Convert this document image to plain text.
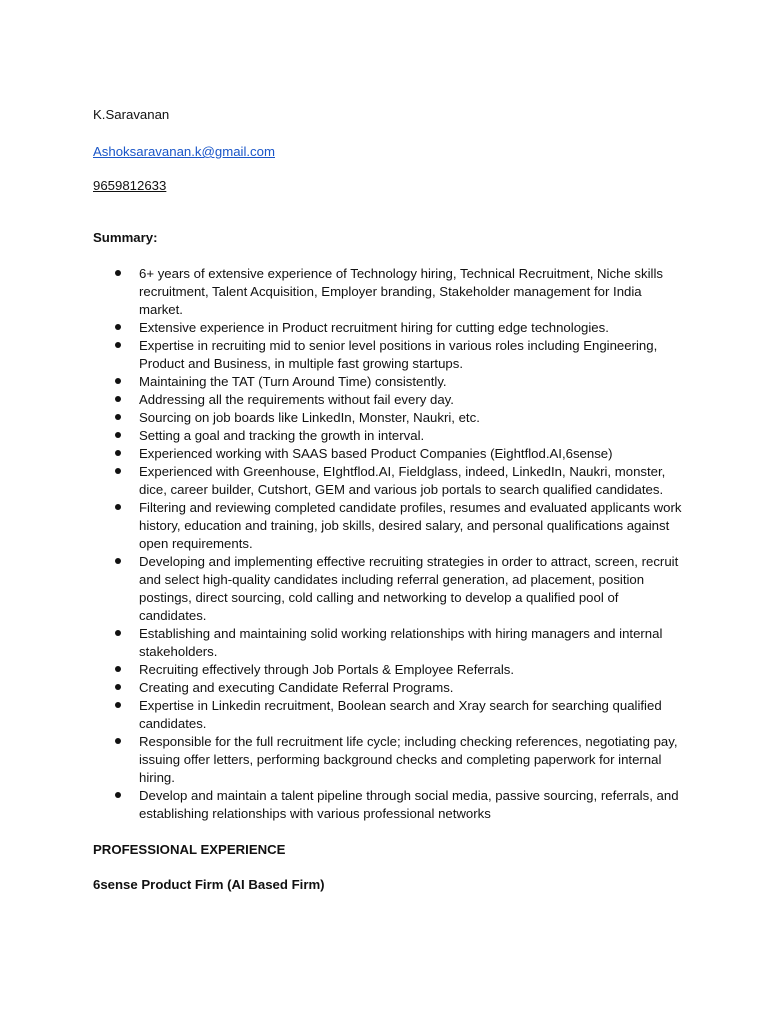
K.Saravanan

Ashoksaravanan.k@gmail.com

9659812633

Summary:

6+ years of extensive experience of Technology hiring, Technical Recruitment, Niche skills recruitment, Talent Acquisition, Employer branding, Stakeholder management for India market.
Extensive experience in Product recruitment hiring for cutting edge technologies.
Expertise in recruiting mid to senior level positions in various roles including Engineering, Product and Business, in multiple fast growing startups.
Maintaining the TAT (Turn Around Time) consistently.
Addressing all the requirements without fail every day.
Sourcing on job boards like LinkedIn, Monster, Naukri, etc.
Setting a goal and tracking the growth in interval.
Experienced working with SAAS based Product Companies (Eightflod.AI,6sense)
Experienced with Greenhouse, EIghtflod.AI, Fieldglass, indeed, LinkedIn, Naukri, monster, dice, career builder, Cutshort, GEM and various job portals to search qualified candidates.
Filtering and reviewing completed candidate profiles, resumes and evaluated applicants work history, education and training, job skills, desired salary, and personal qualifications against open requirements.
Developing and implementing effective recruiting strategies in order to attract, screen, recruit and select high-quality candidates including referral generation, ad placement, position postings, direct sourcing, cold calling and networking to develop a qualified pool of candidates.
Establishing and maintaining solid working relationships with hiring managers and internal stakeholders.
Recruiting effectively through Job Portals & Employee Referrals.
Creating and executing Candidate Referral Programs.
Expertise in Linkedin recruitment, Boolean search and Xray search for searching qualified candidates.
Responsible for the full recruitment life cycle; including checking references, negotiating pay, issuing offer letters, performing background checks and completing paperwork for internal hiring.
Develop and maintain a talent pipeline through social media, passive sourcing, referrals, and establishing relationships with various professional networks

PROFESSIONAL EXPERIENCE

6sense Product Firm (AI Based Firm)
